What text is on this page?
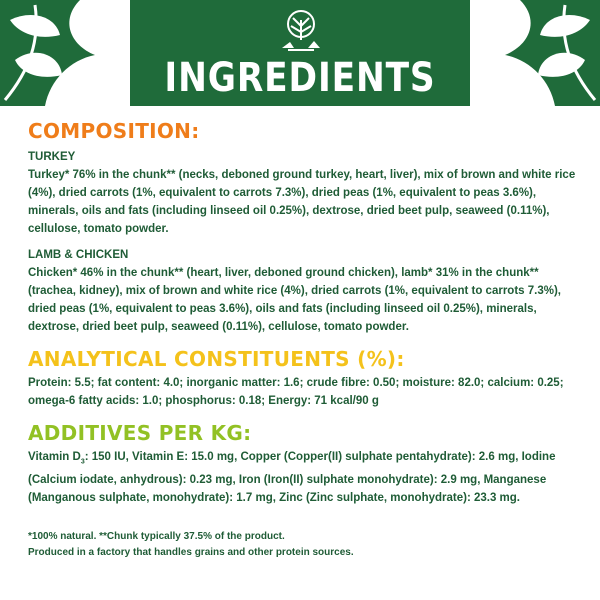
INGREDIENTS
COMPOSITION:
TURKEY

Turkey* 76% in the chunk** (necks, deboned ground turkey, heart, liver), mix of brown and white rice (4%), dried carrots (1%, equivalent to carrots 7.3%), dried peas (1%, equivalent to peas 3.6%), minerals, oils and fats (including linseed oil 0.25%), dextrose, dried beet pulp, seaweed (0.11%), cellulose, tomato powder.

LAMB & CHICKEN

Chicken* 46% in the chunk** (heart, liver, deboned ground chicken), lamb* 31% in the chunk** (trachea, kidney), mix of brown and white rice (4%), dried carrots (1%, equivalent to carrots 7.3%), dried peas (1%, equivalent to peas 3.6%), oils and fats (including linseed oil 0.25%), minerals, dextrose, dried beet pulp, seaweed (0.11%), cellulose, tomato powder.

ANALYTICAL CONSTITUENTS (%):

Protein: 5.5; fat content: 4.0; inorganic matter: 1.6; crude fibre: 0.50; moisture: 82.0; calcium: 0.25; omega-6 fatty acids: 1.0; phosphorus: 0.18; Energy: 71 kcal/90 g

ADDITIVES PER KG:

Vitamin $D_3$: 150 IU, Vitamin E: 15.0 mg, Copper (Copper(II) sulphate pentahydrate): 2.6 mg, Iodine (Calcium iodate, anhydrous): 0.23 mg, Iron (Iron(II) sulphate monohydrate): 2.9 mg, Manganese (Manganous sulphate, monohydrate): 1.7 mg, Zinc (Zinc sulphate, monohydrate): 23.3 mg.

*100% natural. **Chunk typically 37.5% of the product.
Produced in a factory that handles grains and other protein sources.
